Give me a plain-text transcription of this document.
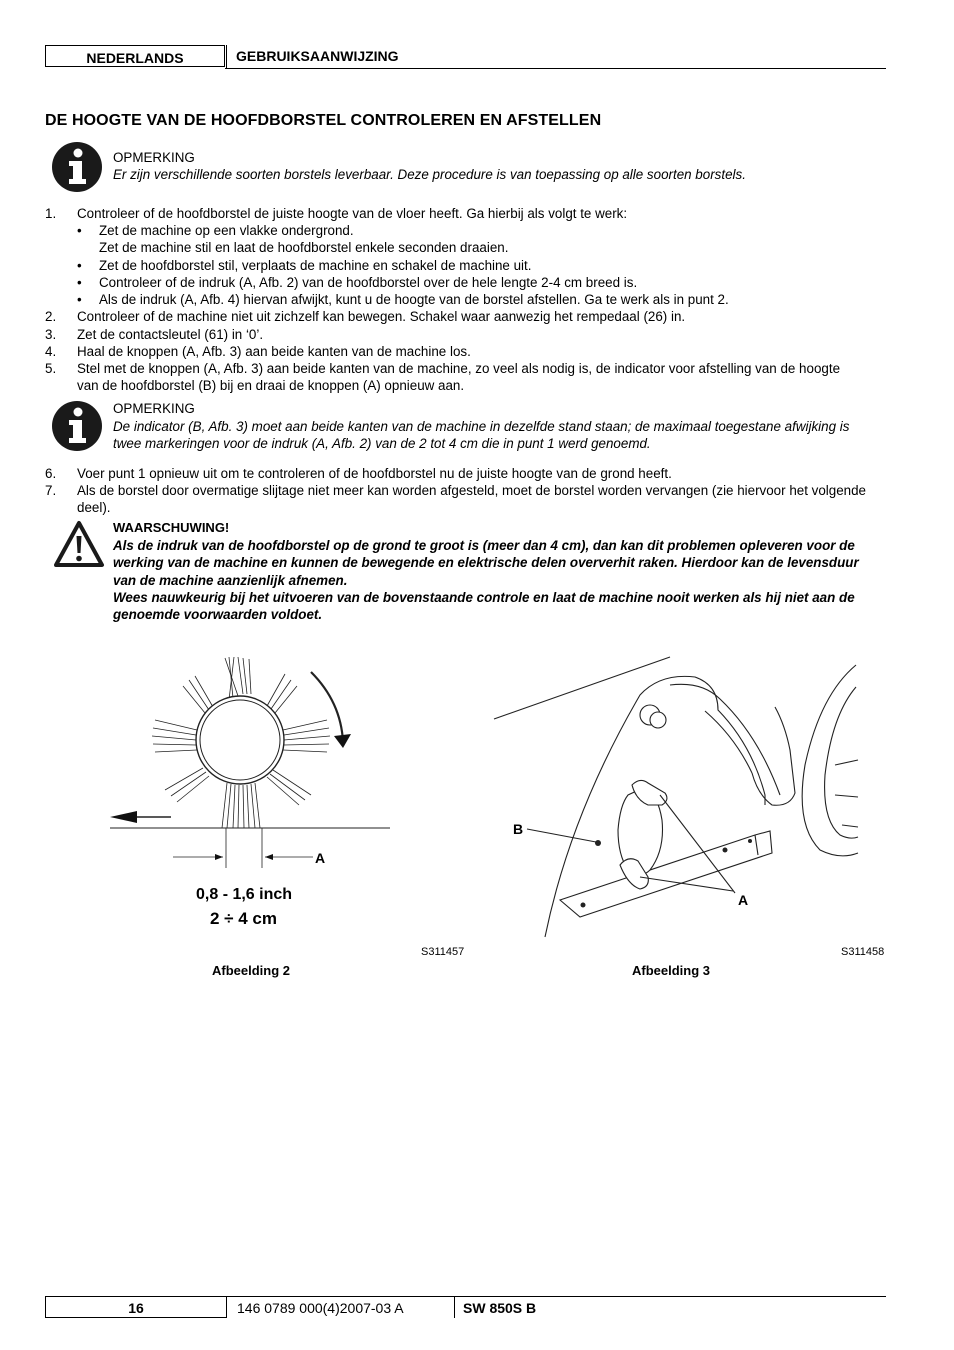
NEDERLANDS	GEBRUIKSAANWIJZING
DE HOOGTE VAN DE HOOFDBORSTEL CONTROLEREN EN AFSTELLEN
OPMERKING
Er zijn verschillende soorten borstels leverbaar. Deze procedure is van toepassing op alle soorten borstels.
1. Controleer of de hoofdborstel de juiste hoogte van de vloer heeft. Ga hierbij als volgt te werk:
• Zet de machine op een vlakke ondergrond.
Zet de machine stil en laat de hoofdborstel enkele seconden draaien.
• Zet de hoofdborstel stil, verplaats de machine en schakel de machine uit.
• Controleer of de indruk (A, Afb. 2) van de hoofdborstel over de hele lengte 2-4 cm breed is.
• Als de indruk (A, Afb. 4) hiervan afwijkt, kunt u de hoogte van de borstel afstellen. Ga te werk als in punt 2.
2. Controleer of de machine niet uit zichzelf kan bewegen. Schakel waar aanwezig het rempedaal (26) in.
3. Zet de contactsleutel (61) in ‘0’.
4. Haal de knoppen (A, Afb. 3) aan beide kanten van de machine los.
5. Stel met de knoppen (A, Afb. 3) aan beide kanten van de machine, zo veel als nodig is, de indicator voor afstelling van de hoogte van de hoofdborstel (B) bij en draai de knoppen (A) opnieuw aan.
OPMERKING
De indicator (B, Afb. 3) moet aan beide kanten van de machine in dezelfde stand staan; de maximaal toegestane afwijking is twee markeringen voor de indruk (A, Afb. 2) van de 2 tot 4 cm die in punt 1 werd genoemd.
6. Voer punt 1 opnieuw uit om te controleren of de hoofdborstel nu de juiste hoogte van de grond heeft.
7. Als de borstel door overmatige slijtage niet meer kan worden afgesteld, moet de borstel worden vervangen (zie hiervoor het volgende deel).
WAARSCHUWING!
Als de indruk van de hoofdborstel op de grond te groot is (meer dan 4 cm), dan kan dit problemen opleveren voor de werking van de machine en kunnen de bewegende en elektrische delen oververhit raken. Hierdoor kan de levensduur van de machine aanzienlijk afnemen.
Wees nauwkeurig bij het uitvoeren van de bovenstaande controle en laat de machine nooit werken als hij niet aan de genoemde voorwaarden voldoet.
A
0,8 - 1,6 inch
2 ÷ 4 cm
S311457
Afbeelding 2
B
A
S311458
Afbeelding 3
16	146 0789 000(4)2007-03 A	SW 850S B
